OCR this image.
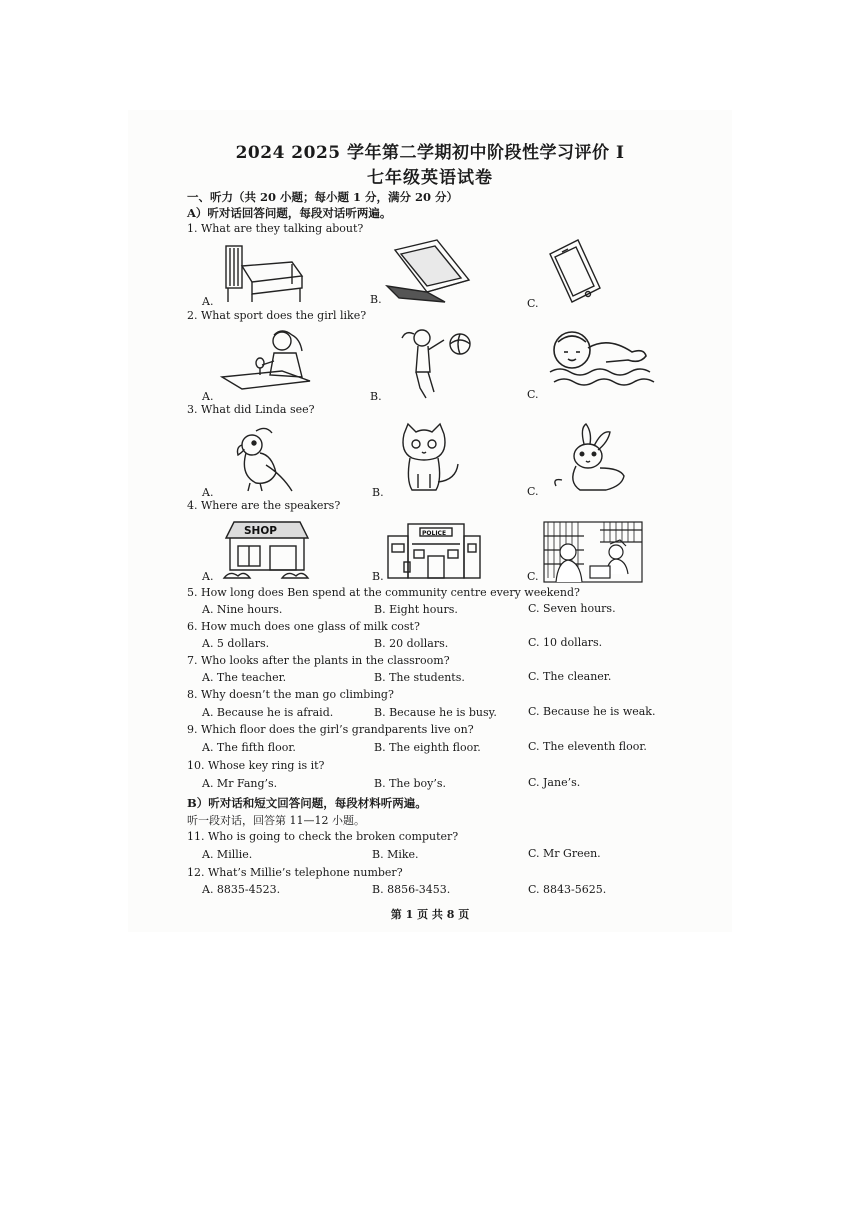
2024 2025 学年第二学期初中阶段性学习评价 I
七年级英语试卷
一、听力（共 20 小题；每小题 1 分，满分 20 分）
A）听对话回答问题，每段对话听两遍。
1. What are they talking about?
A.	B.	C.
2. What sport does the girl like?
A.	B.	C.
3. What did Linda see?
A.	B.	C.
4. Where are the speakers?
A.	B.	C.
SHOP	POLICE
5. How long does Ben spend at the community centre every weekend?
A. Nine hours.	B. Eight hours.	C. Seven hours.
6. How much does one glass of milk cost?
A. 5 dollars.	B. 20 dollars.	C. 10 dollars.
7. Who looks after the plants in the classroom?
A. The teacher.	B. The students.	C. The cleaner.
8. Why doesn’t the man go climbing?
A. Because he is afraid.	B. Because he is busy.	C. Because he is weak.
9. Which floor does the girl’s grandparents live on?
A. The fifth floor.	B. The eighth floor.	C. The eleventh floor.
10. Whose key ring is it?
A. Mr Fang’s.	B. The boy’s.	C. Jane’s.
B）听对话和短文回答问题，每段材料听两遍。
听一段对话，回答第 11—12 小题。
11. Who is going to check the broken computer?
A. Millie.	B. Mike.	C. Mr Green.
12. What’s Millie’s telephone number?
A. 8835-4523.	B. 8856-3453.	C. 8843-5625.
第 1 页 共 8 页
